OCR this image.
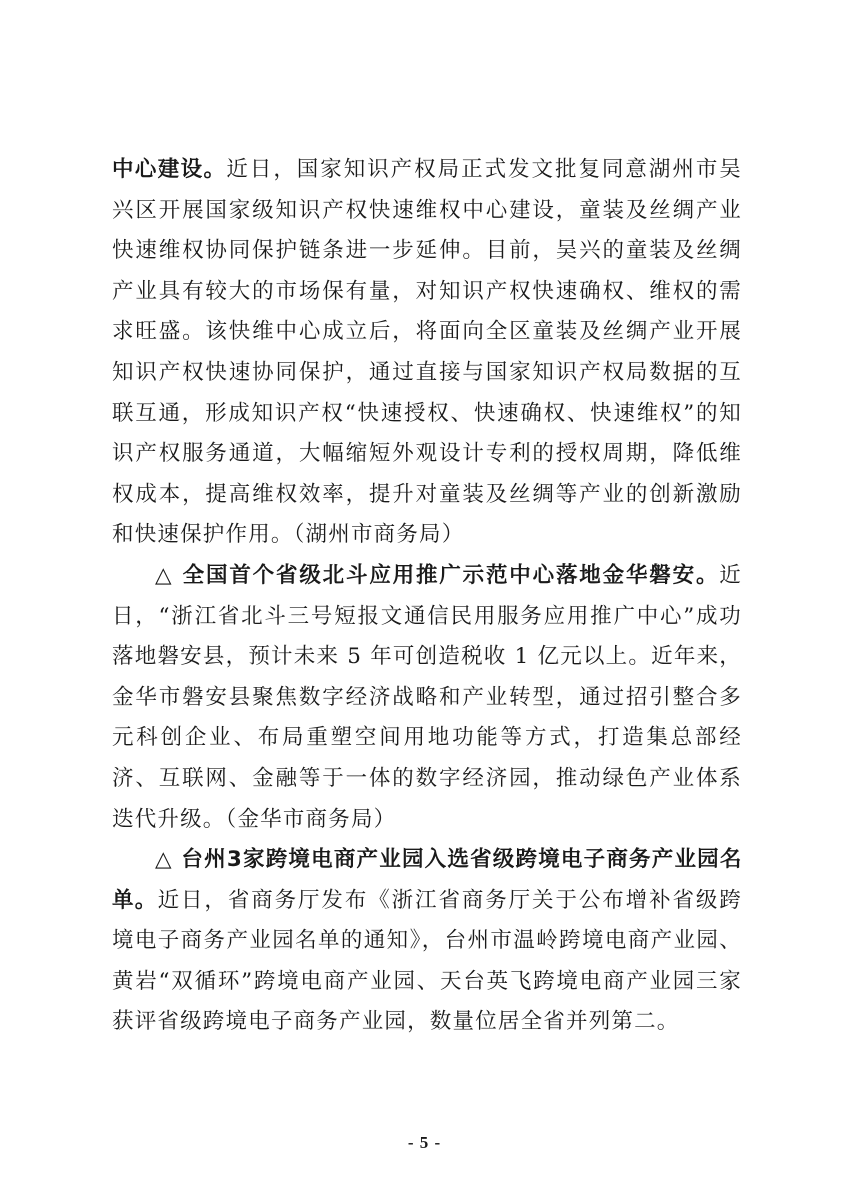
中心建设。近日，国家知识产权局正式发文批复同意湖州市吴兴区开展国家级知识产权快速维权中心建设，童装及丝绸产业快速维权协同保护链条进一步延伸。目前，吴兴的童装及丝绸产业具有较大的市场保有量，对知识产权快速确权、维权的需求旺盛。该快维中心成立后，将面向全区童装及丝绸产业开展知识产权快速协同保护，通过直接与国家知识产权局数据的互联互通，形成知识产权“快速授权、快速确权、快速维权”的知识产权服务通道，大幅缩短外观设计专利的授权周期，降低维权成本，提高维权效率，提升对童装及丝绸等产业的创新激励和快速保护作用。（湖州市商务局）

△ 全国首个省级北斗应用推广示范中心落地金华磐安。近日，“浙江省北斗三号短报文通信民用服务应用推广中心”成功落地磐安县，预计未来 5 年可创造税收 1 亿元以上。近年来，金华市磐安县聚焦数字经济战略和产业转型，通过招引整合多元科创企业、布局重塑空间用地功能等方式，打造集总部经济、互联网、金融等于一体的数字经济园，推动绿色产业体系迭代升级。（金华市商务局）

△ 台州3家跨境电商产业园入选省级跨境电子商务产业园名单。近日，省商务厅发布《浙江省商务厅关于公布增补省级跨境电子商务产业园名单的通知》，台州市温岭跨境电商产业园、黄岩“双循环”跨境电商产业园、天台英飞跨境电商产业园三家获评省级跨境电子商务产业园，数量位居全省并列第二。

- 5 -
